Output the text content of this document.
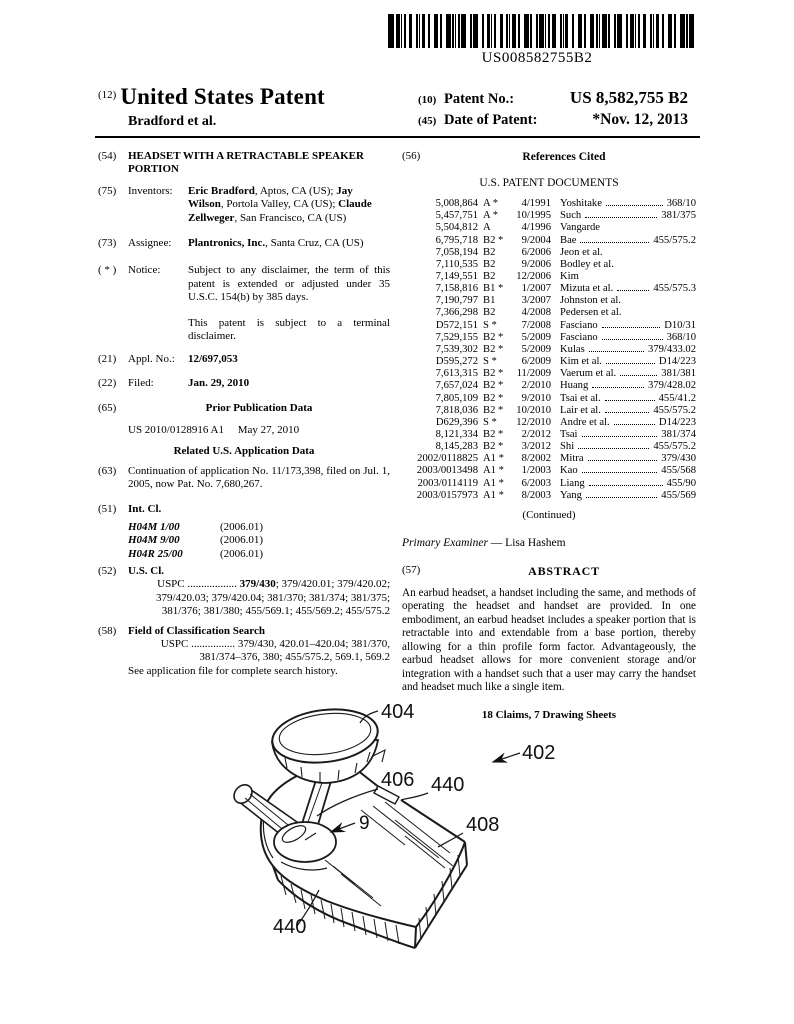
US008582755B2
$^{(12)}$ United States Patent
Bradford et al.
(10) Patent No.:	US 8,582,755 B2
(45) Date of Patent:	*Nov. 12, 2013
(54)	HEADSET WITH A RETRACTABLE SPEAKER PORTION
(75)	Inventors:	Eric Bradford, Aptos, CA (US); Jay Wilson, Portola Valley, CA (US); Claude Zellweger, San Francisco, CA (US)
(73)	Assignee:	Plantronics, Inc., Santa Cruz, CA (US)
( * )	Notice:	Subject to any disclaimer, the term of this patent is extended or adjusted under 35 U.S.C. 154(b) by 385 days.
This patent is subject to a terminal disclaimer.
(21)	Appl. No.:	12/697,053
(22)	Filed:	Jan. 29, 2010
(65)	Prior Publication Data
US 2010/0128916 A1 May 27, 2010
Related U.S. Application Data
(63)	Continuation of application No. 11/173,398, filed on Jul. 1, 2005, now Pat. No. 7,680,267.
(51)	Int. Cl.
H04M 1/00	(2006.01)
H04M 9/00	(2006.01)
H04R 25/00	(2006.01)
(52)	U.S. Cl.
USPC .................. 379/430; 379/420.01; 379/420.02; 379/420.03; 379/420.04; 381/370; 381/374; 381/375; 381/376; 381/380; 455/569.1; 455/569.2; 455/575.2
(58)	Field of Classification Search
USPC ................ 379/430, 420.01–420.04; 381/370, 381/374–376, 380; 455/575.2, 569.1, 569.2
See application file for complete search history.
(56)	References Cited
U.S. PATENT DOCUMENTS
5,008,864 A *	4/1991 Yoshitake	368/10
5,457,751 A *	10/1995 Such	381/375
5,504,812 A	4/1996 Vangarde
6,795,718 B2 *	9/2004 Bae	455/575.2
7,058,194 B2	6/2006 Jeon et al.
7,110,535 B2	9/2006 Bodley et al.
7,149,551 B2	12/2006 Kim
7,158,816 B1 *	1/2007 Mizuta et al.	455/575.3
7,190,797 B1	3/2007 Johnston et al.
7,366,298 B2	4/2008 Pedersen et al.
D572,151 S *	7/2008 Fasciano	D10/31
7,529,155 B2 *	5/2009 Fasciano	368/10
7,539,302 B2 *	5/2009 Kulas	379/433.02
D595,272 S *	6/2009 Kim et al.	D14/223
7,613,315 B2 *	11/2009 Vaerum et al.	381/381
7,657,024 B2 *	2/2010 Huang	379/428.02
7,805,109 B2 *	9/2010 Tsai et al.	455/41.2
7,818,036 B2 *	10/2010 Lair et al.	455/575.2
D629,396 S *	12/2010 Andre et al.	D14/223
8,121,334 B2 *	2/2012 Tsai	381/374
8,145,283 B2 *	3/2012 Shi	455/575.2
2002/0118825 A1 *	8/2002 Mitra	379/430
2003/0013498 A1 *	1/2003 Kao	455/568
2003/0114119 A1 *	6/2003 Liang	455/90
2003/0157973 A1 *	8/2003 Yang	455/569
(Continued)
Primary Examiner — Lisa Hashem
(57)	ABSTRACT
An earbud headset, a handset including the same, and methods of operating the headset and handset are provided. In one embodiment, an earbud headset includes a speaker portion that is retractable into and extendable from a base portion, thereby allowing for a thin profile form factor. Advantageously, the earbud headset allows for more convenient storage and/or integration with a handset such that a user may carry the handset and headset much like a single item.
18 Claims, 7 Drawing Sheets
404
402
406 440
9	408
440
